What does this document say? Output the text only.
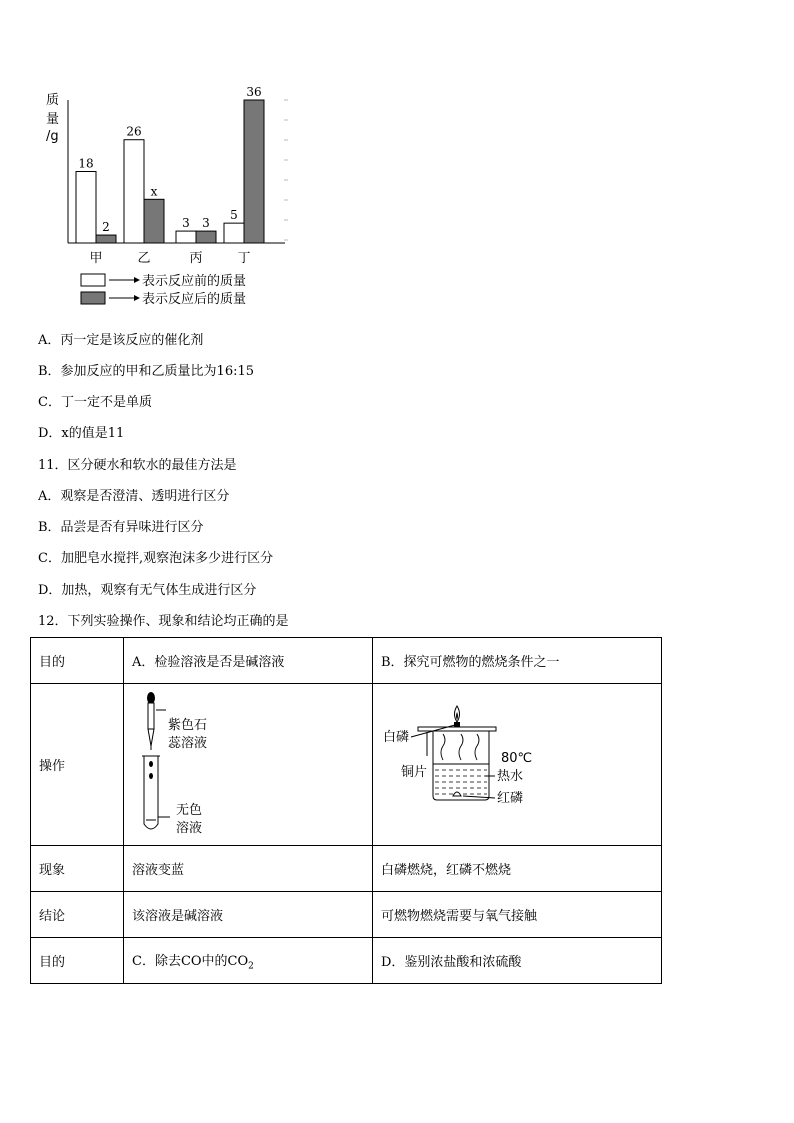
质
量
/g
18
2
26
x
3 3
5
36
甲	乙	丙	丁
表示反应前的质量
表示反应后的质量
A．丙一定是该反应的催化剂
B．参加反应的甲和乙质量比为16:15
C．丁一定不是单质
D．x的值是11
11．区分硬水和软水的最佳方法是
A．观察是否澄清、透明进行区分
B．品尝是否有异味进行区分
C．加肥皂水搅拌,观察泡沫多少进行区分
D．加热，观察有无气体生成进行区分
12．下列实验操作、现象和结论均正确的是
目的	A．检验溶液是否是碱溶液	B．探究可燃物的燃烧条件之一
操作	紫色石
蕊溶液
无色
溶液	白磷
铜片
80℃
热水
红磷

现象	溶液变蓝	白磷燃烧，红磷不燃烧
结论	该溶液是碱溶液	可燃物燃烧需要与氧气接触
目的	C．除去CO中的$CO_2$	D．鉴别浓盐酸和浓硫酸
